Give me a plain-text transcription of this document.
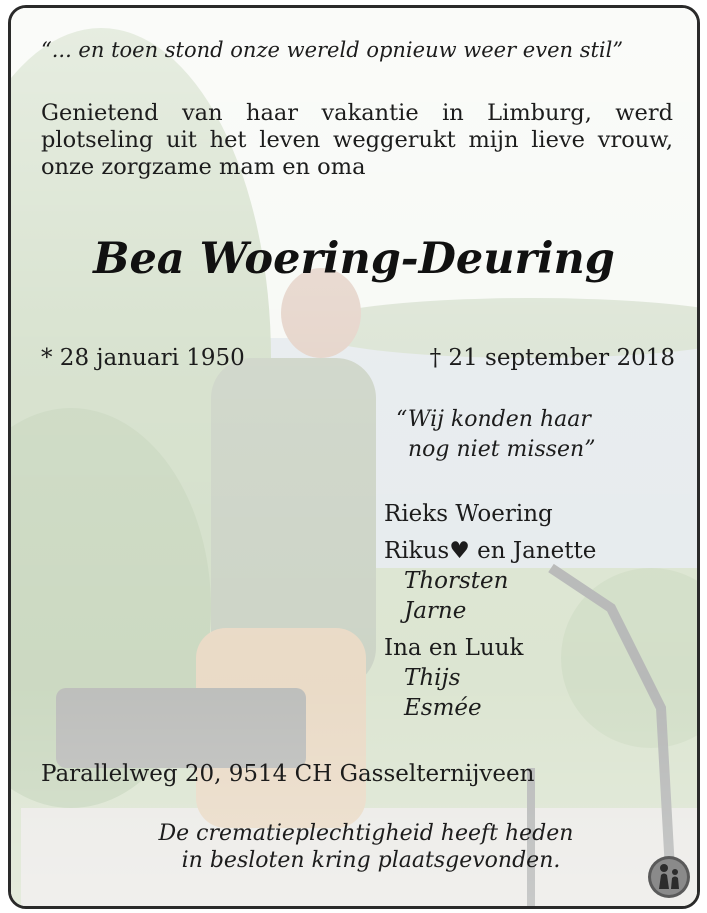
“... en toen stond onze wereld opnieuw weer even stil”
Genietend van haar vakantie in Limburg, werd
plotseling uit het leven weggerukt mijn lieve vrouw,
onze zorgzame mam en oma
Bea Woering-Deuring
* 28 januari 1950	† 21 september 2018
“Wij konden haar
nog niet missen”
Rieks Woering
Rikus♥ en Janette
Thorsten
Jarne
Ina en Luuk
Thijs
Esmée
Parallelweg 20, 9514 CH Gasselternijveen
De crematieplechtigheid heeft heden
in besloten kring plaatsgevonden.
